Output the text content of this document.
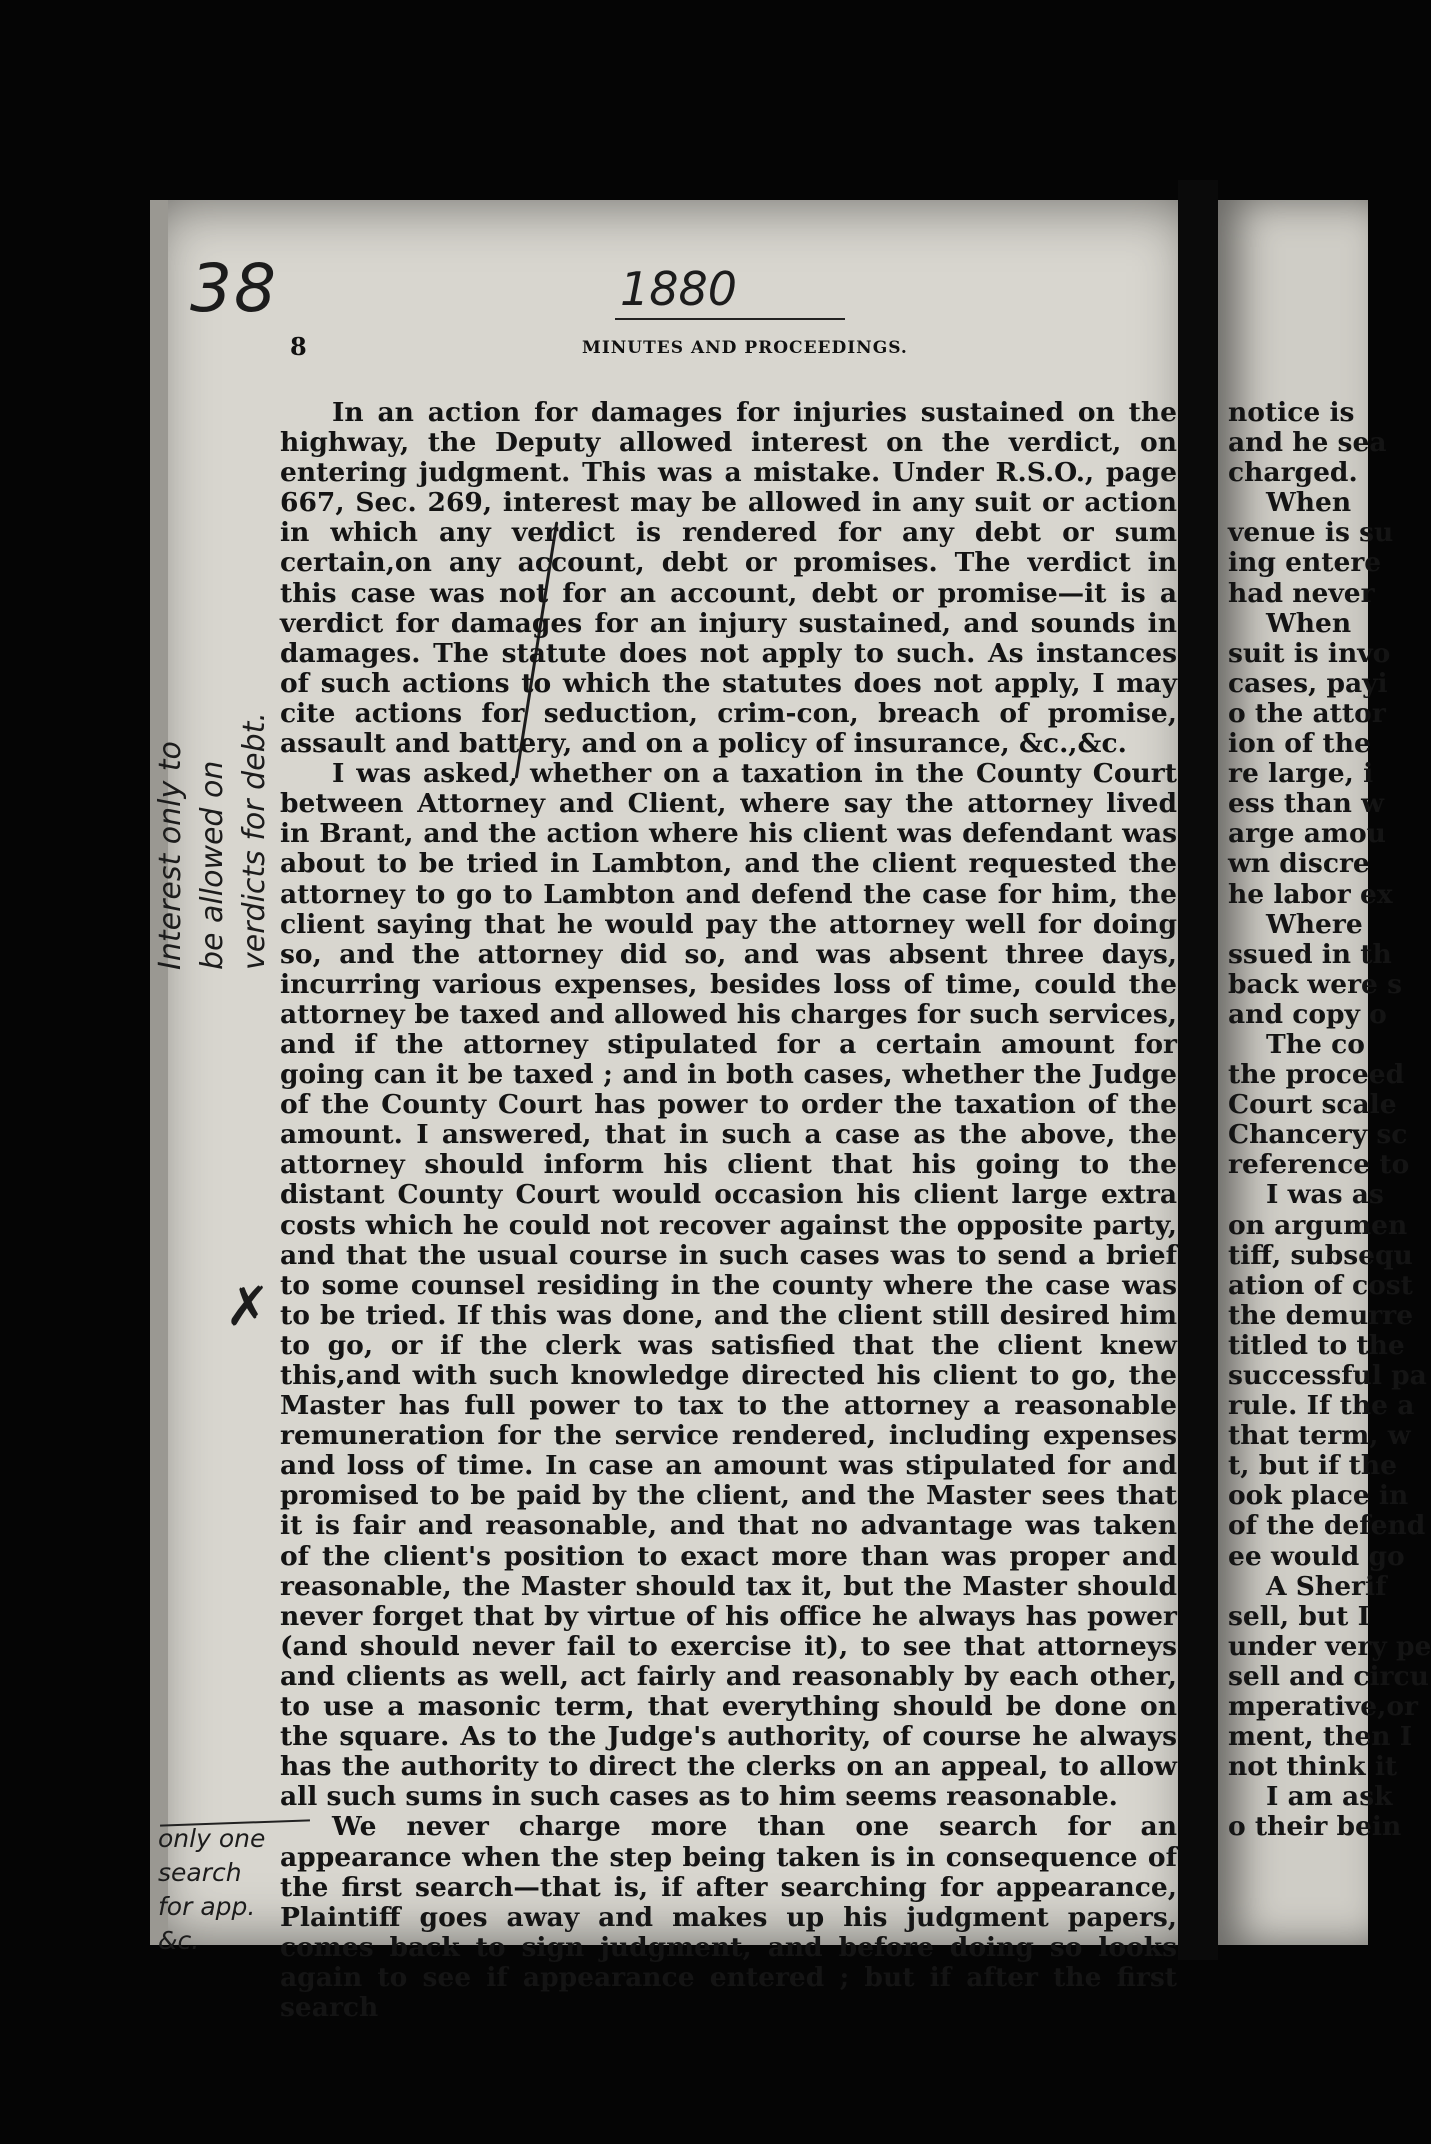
38	1880
8	MINUTES AND PROCEEDINGS.
Interest only to be allowed on verdicts for debt.
✗
only one
search
for app.
&c.

In an action for damages for injuries sustained on the highway, the Deputy allowed interest on the verdict, on entering judgment. This was a mistake. Under R.S.O., page 667, Sec. 269, interest may be allowed in any suit or action in which any verdict is rendered for any debt or sum certain,on any account, debt or promises. The verdict in this case was not for an account, debt or promise—it is a verdict for damages for an injury sustained, and sounds in damages. The statute does not apply to such. As instances of such actions to which the statutes does not apply, I may cite actions for seduction, crim-con, breach of promise, assault and battery, and on a policy of insurance, &c.,&c.

I was asked, whether on a taxation in the County Court between Attorney and Client, where say the attorney lived in Brant, and the action where his client was defendant was about to be tried in Lambton, and the client requested the attorney to go to Lambton and defend the case for him, the client saying that he would pay the attorney well for doing so, and the attorney did so, and was absent three days, incurring various expenses, besides loss of time, could the attorney be taxed and allowed his charges for such services, and if the attorney stipulated for a certain amount for going can it be taxed ; and in both cases, whether the Judge of the County Court has power to order the taxation of the amount. I answered, that in such a case as the above, the attorney should inform his client that his going to the distant County Court would occasion his client large extra costs which he could not recover against the opposite party, and that the usual course in such cases was to send a brief to some counsel residing in the county where the case was to be tried. If this was done, and the client still desired him to go, or if the clerk was satisfied that the client knew this,and with such knowledge directed his client to go, the Master has full power to tax to the attorney a reasonable remuneration for the service rendered, including expenses and loss of time. In case an amount was stipulated for and promised to be paid by the client, and the Master sees that it is fair and reasonable, and that no advantage was taken of the client's position to exact more than was proper and reasonable, the Master should tax it, but the Master should never forget that by virtue of his office he always has power (and should never fail to exercise it), to see that attorneys and clients as well, act fairly and reasonably by each other, to use a masonic term, that everything should be done on the square. As to the Judge's authority, of course he always has the authority to direct the clerks on an appeal, to allow all such sums in such cases as to him seems reasonable.

We never charge more than one search for an appearance when the step being taken is in consequence of the first search—that is, if after searching for appearance, Plaintiff goes away and makes up his judgment papers, comes back to sign judgment, and before doing so looks again to see if appearance entered ; but if after the first search

notice is
and he sea
charged.
When
venue is su
ing entere
had never
When
suit is invo
cases, payi
o the attor
ion of the
re large, i
ess than w
arge amou
wn discre
he labor ex
Where
ssued in th
back were s
and copy o
The co
the proceed
Court scale
Chancery sc
reference to
I was as
on argumen
tiff, subsequ
ation of cost
the demurre
titled to the
successful pa
rule. If the a
that term, w
t, but if the
ook place in
of the defend
ee would go
A Sherif
sell, but I
under very pe
sell and circu
mperative,or
ment, then I
not think it
I am ask
o their bein
